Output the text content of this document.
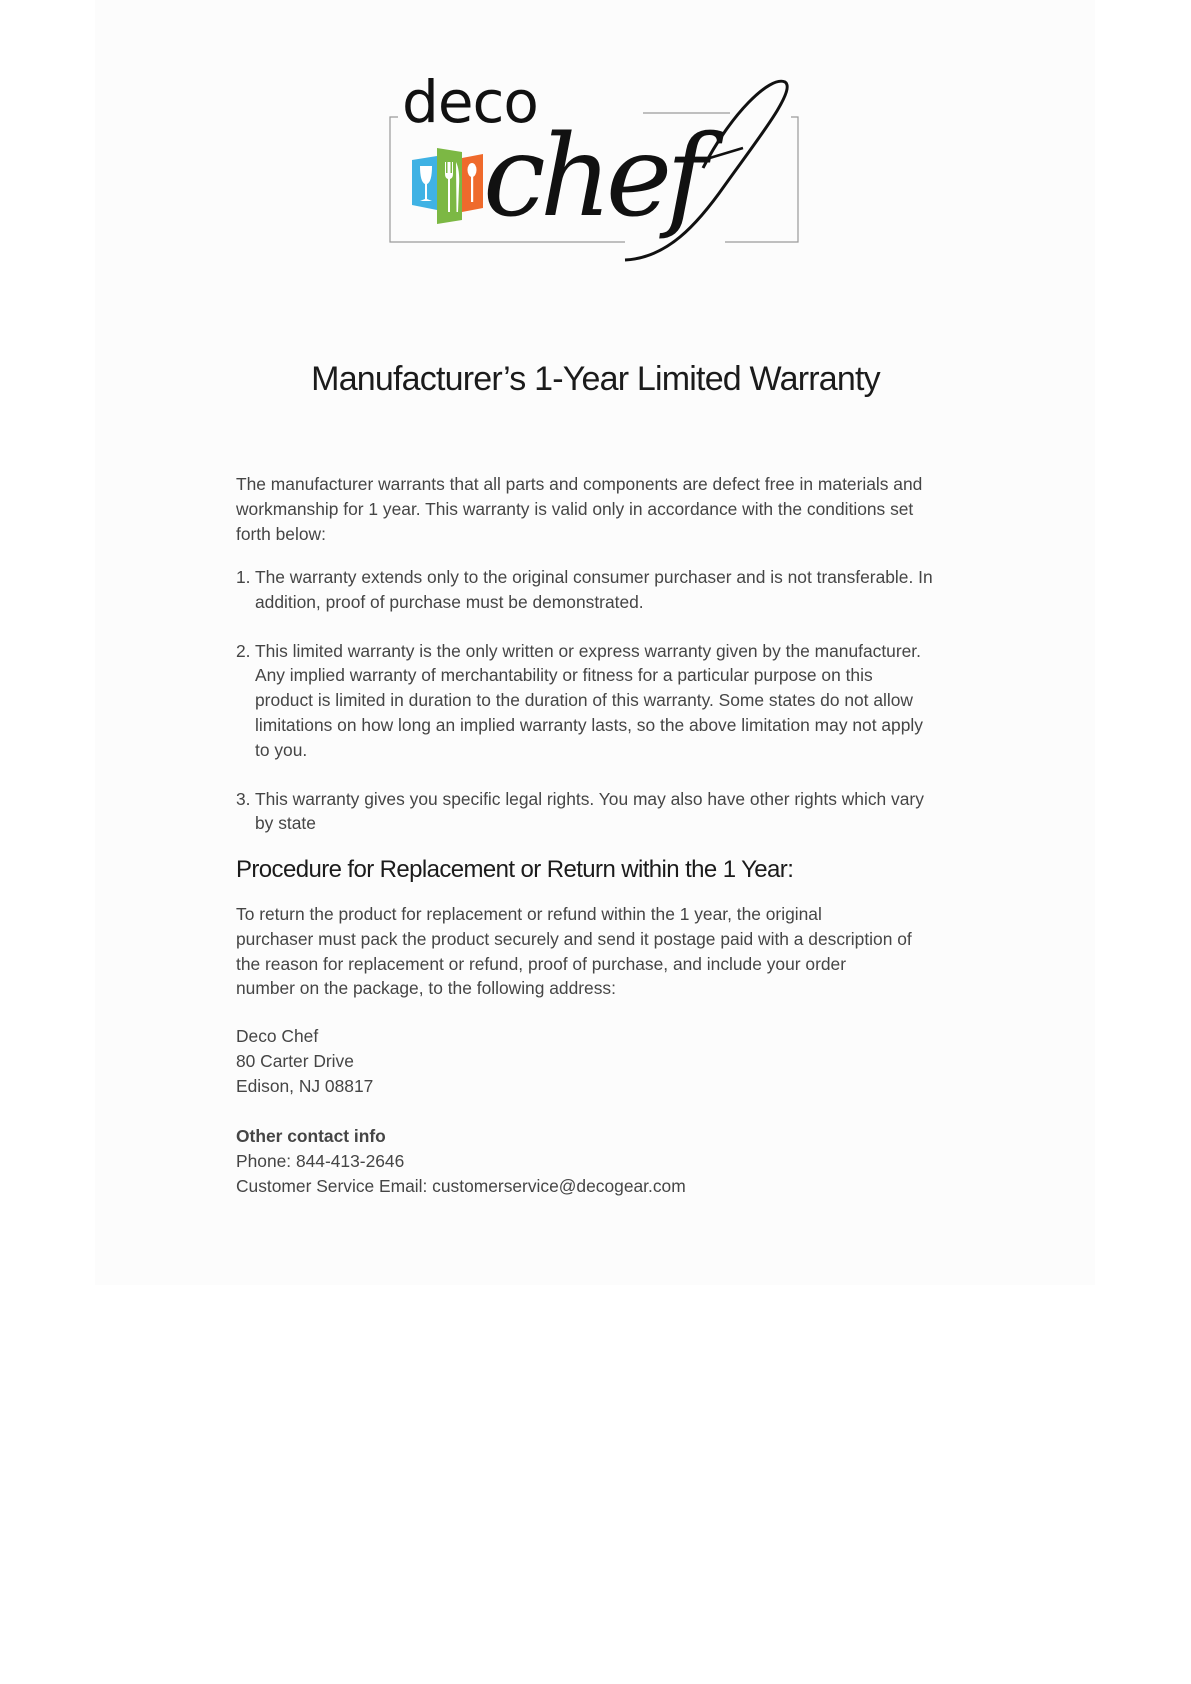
deco
chef
Manufacturer’s 1-Year Limited Warranty
The manufacturer warrants that all parts and components are defect free in materials and
workmanship for 1 year. This warranty is valid only in accordance with the conditions set
forth below:
1. The warranty extends only to the original consumer purchaser and is not transferable. In
addition, proof of purchase must be demonstrated.
2. This limited warranty is the only written or express warranty given by the manufacturer.
Any implied warranty of merchantability or fitness for a particular purpose on this
product is limited in duration to the duration of this warranty. Some states do not allow
limitations on how long an implied warranty lasts, so the above limitation may not apply
to you.
3. This warranty gives you specific legal rights. You may also have other rights which vary
by state
Procedure for Replacement or Return within the 1 Year:
To return the product for replacement or refund within the 1 year, the original
purchaser must pack the product securely and send it postage paid with a description of
the reason for replacement or refund, proof of purchase, and include your order
number on the package, to the following address:
Deco Chef
80 Carter Drive
Edison, NJ 08817
Other contact info
Phone: 844-413-2646
Customer Service Email: customerservice@decogear.com
